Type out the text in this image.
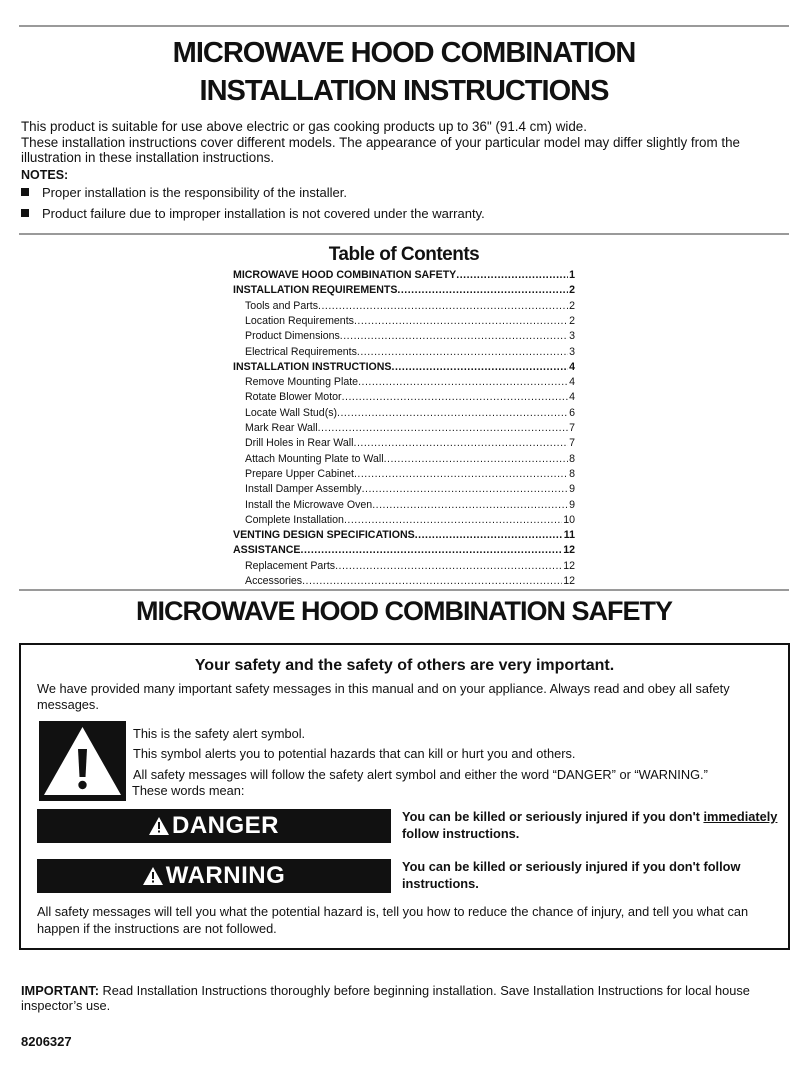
MICROWAVE HOOD COMBINATION
INSTALLATION INSTRUCTIONS
This product is suitable for use above electric or gas cooking products up to 36" (91.4 cm) wide.
These installation instructions cover different models. The appearance of your particular model may differ slightly from the
illustration in these installation instructions.
NOTES:
Proper installation is the responsibility of the installer.
Product failure due to improper installation is not covered under the warranty.
Table of Contents
MICROWAVE HOOD COMBINATION SAFETY .....	1
INSTALLATION REQUIREMENTS .....	2
Tools and Parts .....	2
Location Requirements .....	2
Product Dimensions .....	3
Electrical Requirements .....	3
INSTALLATION INSTRUCTIONS .....	4
Remove Mounting Plate .....	4
Rotate Blower Motor .....	4
Locate Wall Stud(s) .....	6
Mark Rear Wall .....	7
Drill Holes in Rear Wall .....	7
Attach Mounting Plate to Wall .....	8
Prepare Upper Cabinet .....	8
Install Damper Assembly .....	9
Install the Microwave Oven .....	9
Complete Installation .....	10
VENTING DESIGN SPECIFICATIONS .....	11
ASSISTANCE .....	12
Replacement Parts .....	12
Accessories .....	12
MICROWAVE HOOD COMBINATION SAFETY
Your safety and the safety of others are very important.
We have provided many important safety messages in this manual and on your appliance. Always read and obey all safety
messages.
This is the safety alert symbol.
This symbol alerts you to potential hazards that can kill or hurt you and others.
All safety messages will follow the safety alert symbol and either the word “DANGER” or “WARNING.”
These words mean:
DANGER	You can be killed or seriously injured if you don't immediately
follow instructions.
WARNING	You can be killed or seriously injured if you don't follow
instructions.
All safety messages will tell you what the potential hazard is, tell you how to reduce the chance of injury, and tell you what can
happen if the instructions are not followed.
IMPORTANT: Read Installation Instructions thoroughly before beginning installation. Save Installation Instructions for local house inspector’s use.
8206327
